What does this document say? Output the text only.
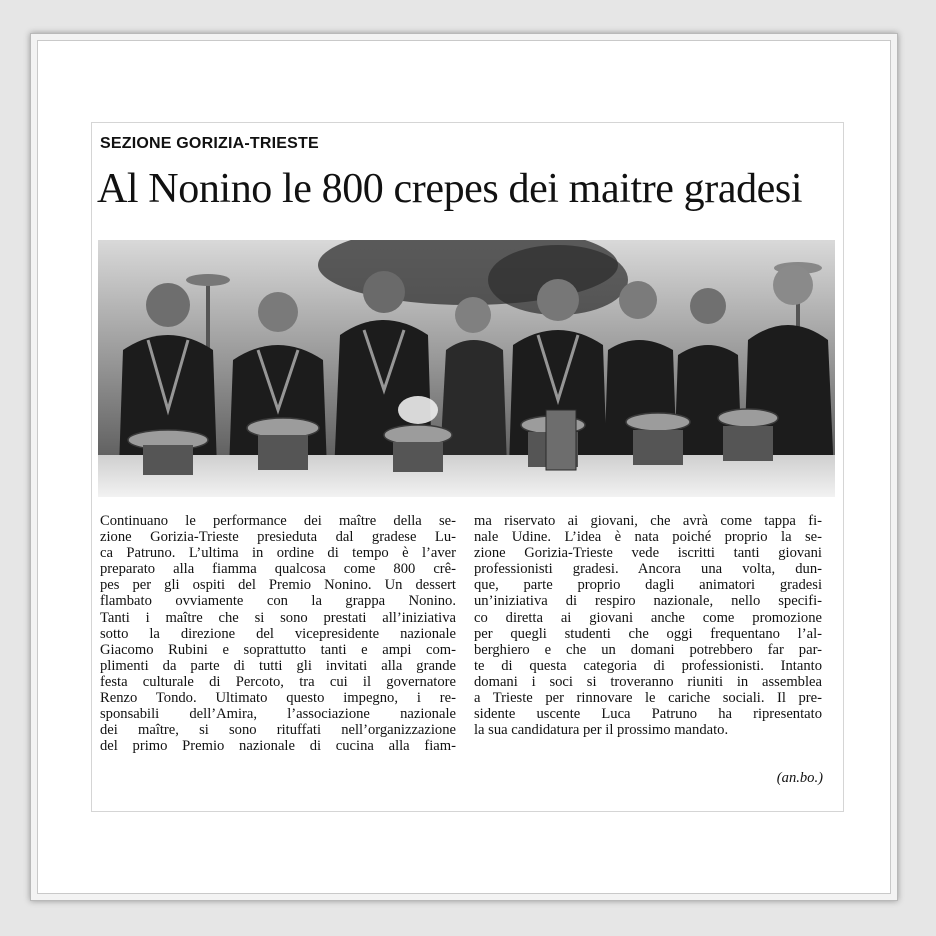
SEZIONE GORIZIA-TRIESTE
Al Nonino le 800 crepes dei maitre gradesi
Continuano le performance dei maître della se-
zione Gorizia-Trieste presieduta dal gradese Lu-
ca Patruno. L’ultima in ordine di tempo è l’aver
preparato alla fiamma qualcosa come 800 crê-
pes per gli ospiti del Premio Nonino. Un dessert
flambato ovviamente con la grappa Nonino.
Tanti i maître che si sono prestati all’iniziativa
sotto la direzione del vicepresidente nazionale
Giacomo Rubini e soprattutto tanti e ampi com-
plimenti da parte di tutti gli invitati alla grande
festa culturale di Percoto, tra cui il governatore
Renzo Tondo. Ultimato questo impegno, i re-
sponsabili dell’Amira, l’associazione nazionale
dei maître, si sono rituffati nell’organizzazione
del primo Premio nazionale di cucina alla fiam-
ma riservato ai giovani, che avrà come tappa fi-
nale Udine. L’idea è nata poiché proprio la se-
zione Gorizia-Trieste vede iscritti tanti giovani
professionisti gradesi. Ancora una volta, dun-
que, parte proprio dagli animatori gradesi
un’iniziativa di respiro nazionale, nello specifi-
co diretta ai giovani anche come promozione
per quegli studenti che oggi frequentano l’al-
berghiero e che un domani potrebbero far par-
te di questa categoria di professionisti. Intanto
domani i soci si troveranno riuniti in assemblea
a Trieste per rinnovare le cariche sociali. Il pre-
sidente uscente Luca Patruno ha ripresentato
la sua candidatura per il prossimo mandato.
(an.bo.)
